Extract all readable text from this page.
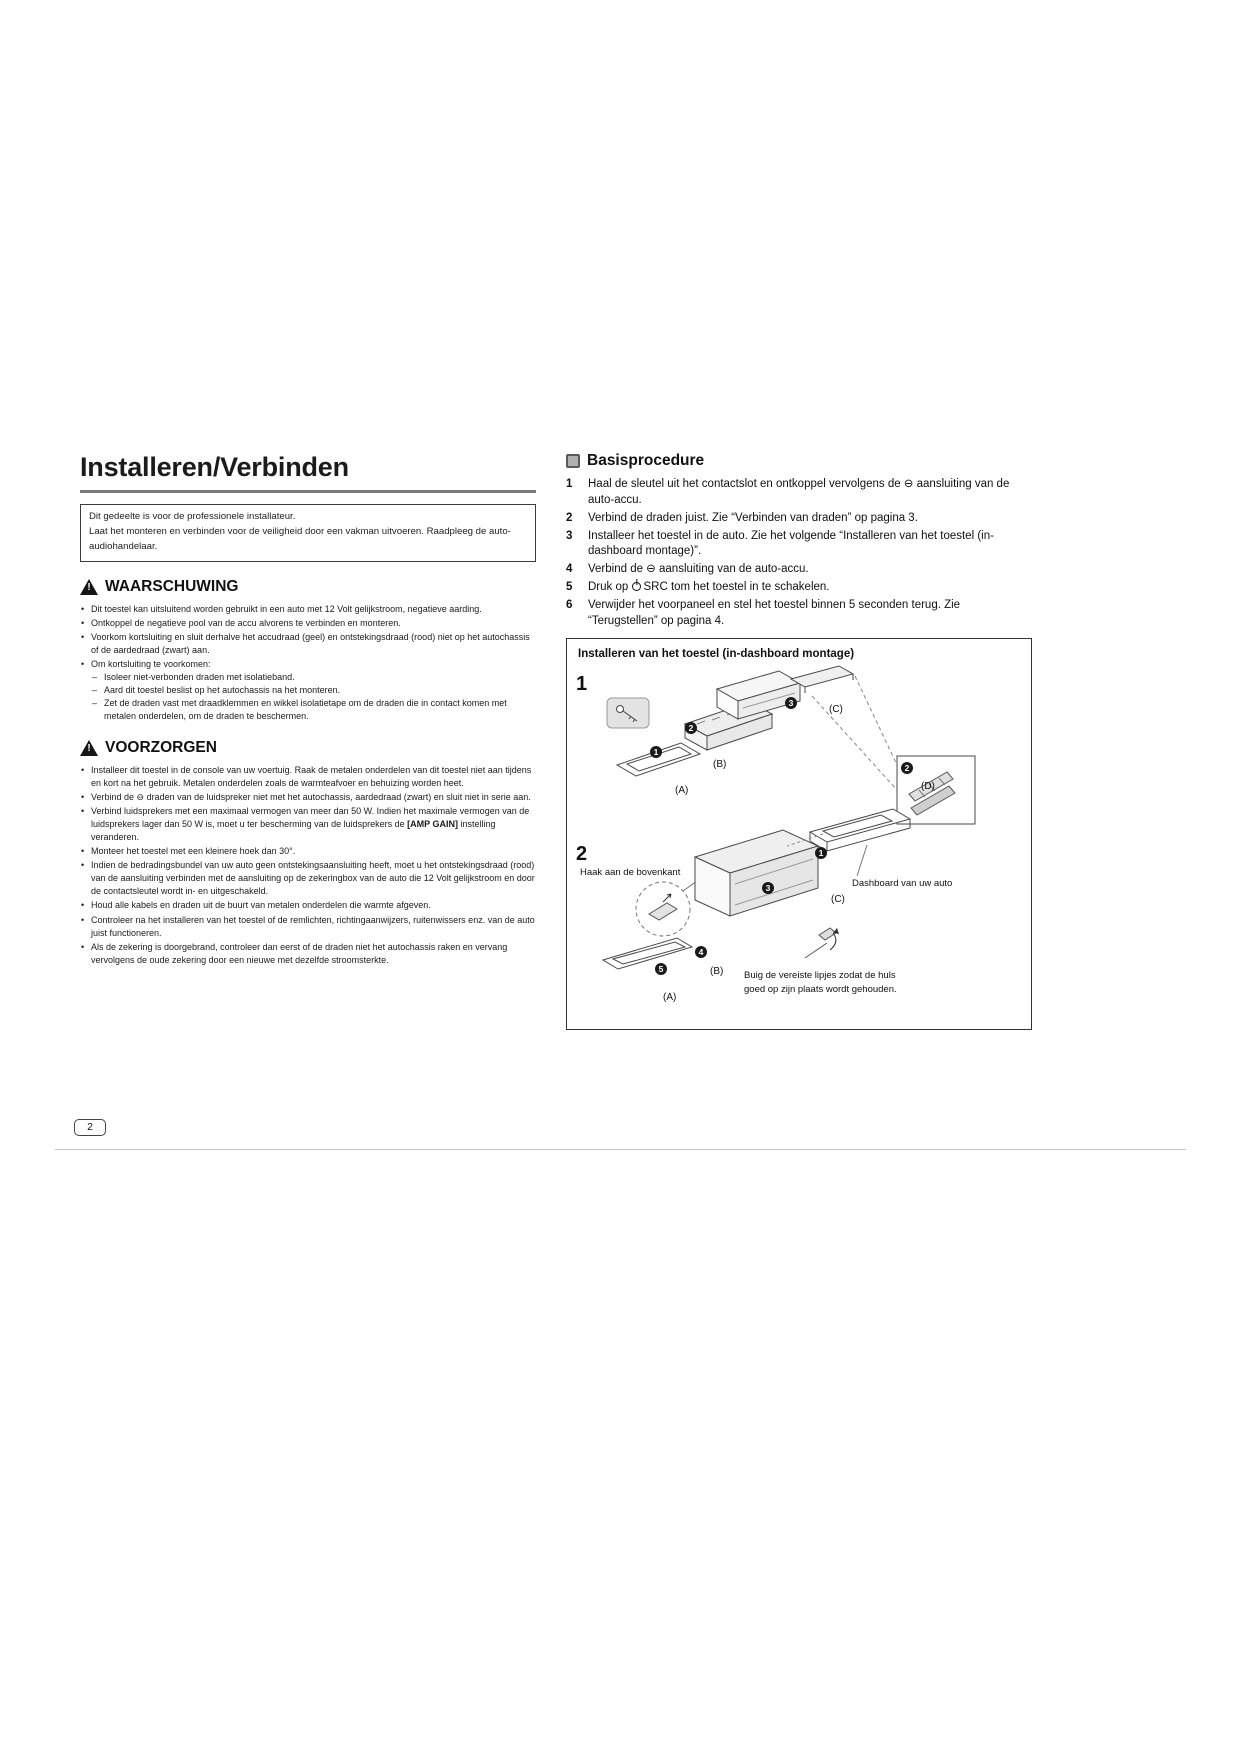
Installeren/Verbinden

Dit gedeelte is voor de professionele installateur.

Laat het monteren en verbinden voor de veiligheid door een vakman uitvoeren. Raadpleeg de auto-audiohandelaar.

! WAARSCHUWING
• Dit toestel kan uitsluitend worden gebruikt in een auto met 12 Volt gelijkstroom, negatieve aarding.
• Ontkoppel de negatieve pool van de accu alvorens te verbinden en monteren.
• Voorkom kortsluiting en sluit derhalve het accudraad (geel) en ontstekingsdraad (rood) niet op het autochassis of de aardedraad (zwart) aan.
• Om kortsluiting te voorkomen:
– Isoleer niet-verbonden draden met isolatieband.
– Aard dit toestel beslist op het autochassis na het monteren.
– Zet de draden vast met draadklemmen en wikkel isolatietape om de draden die in contact komen met metalen onderdelen, om de draden te beschermen.
! VOORZORGEN
• Installeer dit toestel in de console van uw voertuig. Raak de metalen onderdelen van dit toestel niet aan tijdens en kort na het gebruik. Metalen onderdelen zoals de warmteafvoer en behuizing worden heet.
• Verbind de ⊖ draden van de luidspreker niet met het autochassis, aardedraad (zwart) en sluit niet in serie aan.
• Verbind luidsprekers met een maximaal vermogen van meer dan 50 W. Indien het maximale vermogen van de luidsprekers lager dan 50 W is, moet u ter bescherming van de luidsprekers de [AMP GAIN] instelling veranderen.
• Monteer het toestel met een kleinere hoek dan 30°.
• Indien de bedradingsbundel van uw auto geen ontstekingsaansluiting heeft, moet u het ontstekingsdraad (rood) van de aansluiting verbinden met de aansluiting op de zekeringbox van de auto die 12 Volt gelijkstroom en door de contactsleutel wordt in- en uitgeschakeld.
• Houd alle kabels en draden uit de buurt van metalen onderdelen die warmte afgeven.
• Controleer na het installeren van het toestel of de remlichten, richtingaanwijzers, ruitenwissers enz. van de auto juist functioneren.
• Als de zekering is doorgebrand, controleer dan eerst of de draden niet het autochassis raken en vervang vervolgens de oude zekering door een nieuwe met dezelfde stroomsterkte.
Basisprocedure
1	Haal de sleutel uit het contactslot en ontkoppel vervolgens de ⊖ aansluiting van de auto-accu.
2	Verbind de draden juist. Zie “Verbinden van draden” op pagina 3.
3	Installeer het toestel in de auto. Zie het volgende “Installeren van het toestel (in-dashboard montage)”.
4	Verbind de ⊖ aansluiting van de auto-accu.
5	Druk op SRC tom het toestel in te schakelen.
6	Verwijder het voorpaneel en stel het toestel binnen 5 seconden terug. Zie “Terugstellen” op pagina 4.
Installeren van het toestel (in-dashboard montage)
1
1
2
3
2
(A)
(B)
(C)
(D)
2
Haak aan de bovenkant
Dashboard van uw auto
Buig de vereiste lipjes zodat de huls
goed op zijn plaats wordt gehouden.
1
3
4
5
(C)
(B)
(A)
2
